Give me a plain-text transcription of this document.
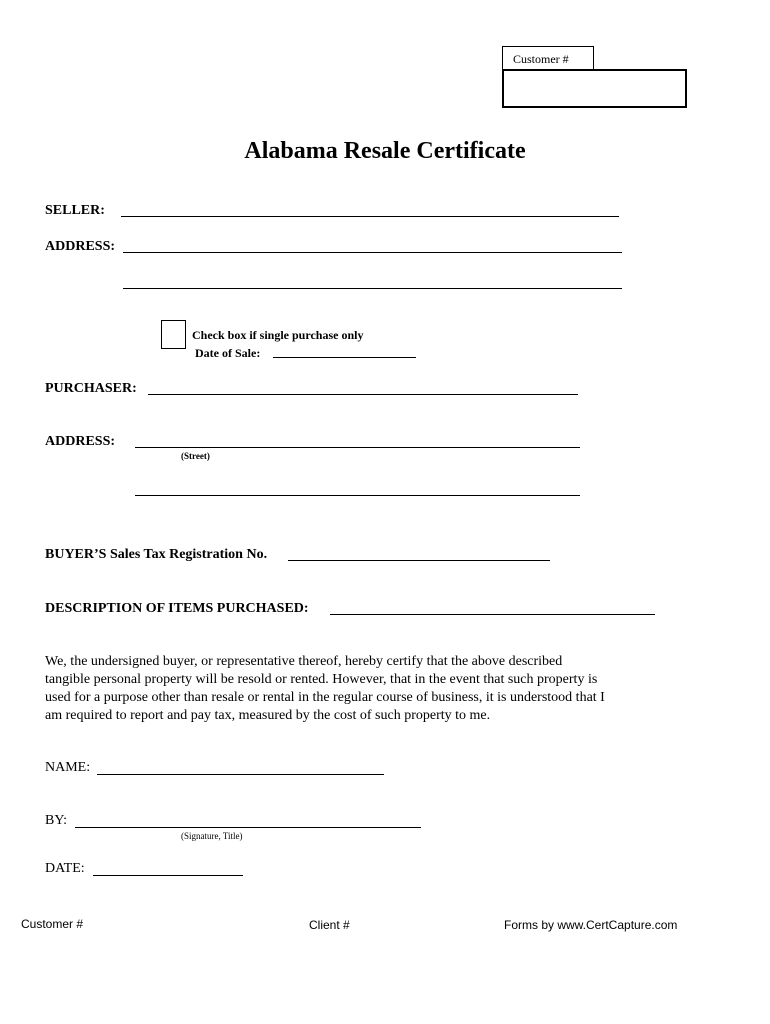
Customer #
Alabama Resale Certificate
SELLER:
ADDRESS:
Check box if single purchase only
Date of Sale:
PURCHASER:
ADDRESS:
(Street)
BUYER’S Sales Tax Registration No.
DESCRIPTION OF ITEMS PURCHASED:
We, the undersigned buyer, or representative thereof, hereby certify that the above described
tangible personal property will be resold or rented. However, that in the event that such property is
used for a purpose other than resale or rental in the regular course of business, it is understood that I
am required to report and pay tax, measured by the cost of such property to me.
NAME:
BY:
(Signature, Title)
DATE:
Customer #	Client #	Forms by www.CertCapture.com
